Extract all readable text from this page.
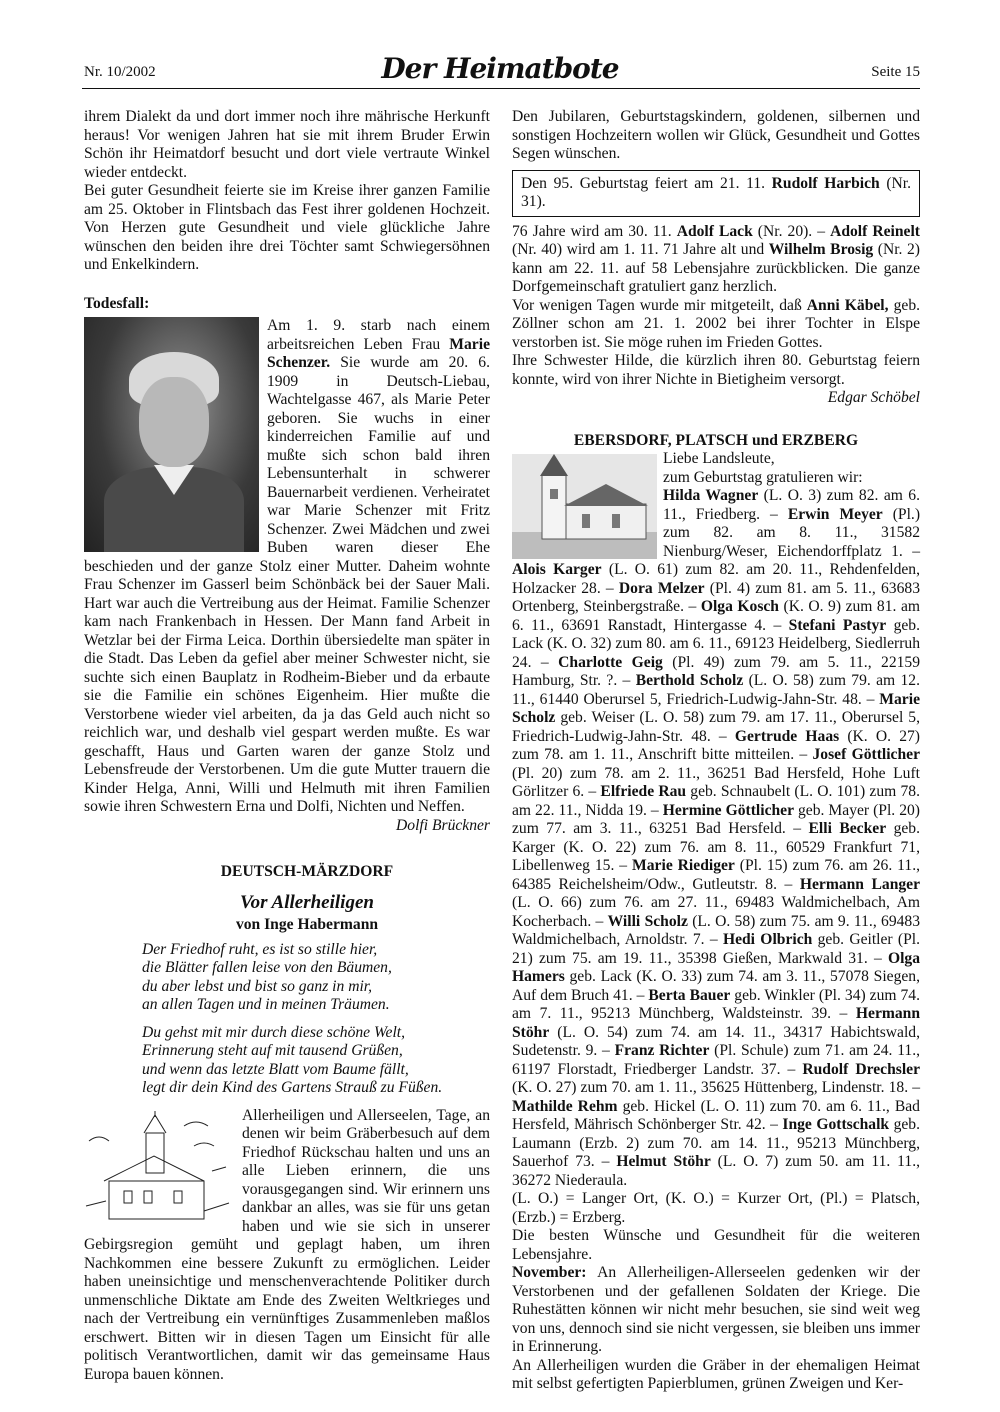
Nr. 10/2002	Der Heimatbote	Seite 15

ihrem Dialekt da und dort immer noch ihre mährische Herkunft heraus! Vor wenigen Jahren hat sie mit ihrem Bruder Erwin Schön ihr Heimatdorf besucht und dort viele vertraute Winkel wieder entdeckt.

Bei guter Gesundheit feierte sie im Kreise ihrer ganzen Familie am 25. Oktober in Flintsbach das Fest ihrer goldenen Hochzeit. Von Herzen gute Gesundheit und viele glückliche Jahre wünschen den beiden ihre drei Töchter samt Schwiegersöhnen und Enkelkindern.

Todesfall:

Am 1. 9. starb nach einem arbeitsreichen Leben Frau Marie Schenzer. Sie wurde am 20. 6. 1909 in Deutsch-Liebau, Wachtelgasse 467, als Marie Peter geboren. Sie wuchs in einer kinderreichen Familie auf und mußte sich schon bald ihren Lebensunterhalt in schwerer Bauernarbeit verdienen. Verheiratet war Marie Schenzer mit Fritz Schenzer. Zwei Mädchen und zwei Buben waren dieser Ehe beschieden und der ganze Stolz einer Mutter. Daheim wohnte Frau Schenzer im Gasserl beim Schönbäck bei der Sauer Mali. Hart war auch die Vertreibung aus der Heimat. Familie Schenzer kam nach Frankenbach in Hessen. Der Mann fand Arbeit in Wetzlar bei der Firma Leica. Dorthin übersiedelte man später in die Stadt. Das Leben da gefiel aber meiner Schwester nicht, sie suchte sich einen Bauplatz in Rodheim-Bieber und da erbaute sie die Familie ein schönes Eigenheim. Hier mußte die Verstorbene wieder viel arbeiten, da ja das Geld auch nicht so reichlich war, und deshalb viel gespart werden mußte. Es war geschafft, Haus und Garten waren der ganze Stolz und Lebensfreude der Verstorbenen. Um die gute Mutter trauern die Kinder Helga, Anni, Willi und Helmuth mit ihren Familien sowie ihren Schwestern Erna und Dolfi, Nichten und Neffen.
Dolfi Brückner

DEUTSCH-MÄRZDORF

Vor Allerheiligen

von Inge Habermann

Der Friedhof ruht, es ist so stille hier,
die Blätter fallen leise von den Bäumen,
du aber lebst und bist so ganz in mir,
an allen Tagen und in meinen Träumen.

Du gehst mit mir durch diese schöne Welt,
Erinnerung steht auf mit tausend Grüßen,
und wenn das letzte Blatt vom Baume fällt,
legt dir dein Kind des Gartens Strauß zu Füßen.

Allerheiligen und Allerseelen, Tage, an denen wir beim Gräberbesuch auf dem Friedhof Rückschau halten und uns an alle Lieben erinnern, die uns vorausgegangen sind. Wir erinnern uns dankbar an alles, was sie für uns getan haben und wie sie sich in unserer Gebirgsregion gemüht und geplagt haben, um ihren Nachkommen eine bessere Zukunft zu ermöglichen. Leider haben uneinsichtige und menschenverachtende Politiker durch unmenschliche Diktate am Ende des Zweiten Weltkrieges und nach der Vertreibung ein vernünftiges Zusammenleben maßlos erschwert. Bitten wir in diesen Tagen um Einsicht für alle politisch Verantwortlichen, damit wir das gemeinsame Haus Europa bauen können.

Den Jubilaren, Geburtstagskindern, goldenen, silbernen und sonstigen Hochzeitern wollen wir Glück, Gesundheit und Gottes Segen wünschen.

Den 95. Geburtstag feiert am 21. 11. Rudolf Harbich (Nr. 31).

76 Jahre wird am 30. 11. Adolf Lack (Nr. 20). – Adolf Reinelt (Nr. 40) wird am 1. 11. 71 Jahre alt und Wilhelm Brosig (Nr. 2) kann am 22. 11. auf 58 Lebensjahre zurückblicken. Die ganze Dorfgemeinschaft gratuliert ganz herzlich.

Vor wenigen Tagen wurde mir mitgeteilt, daß Anni Käbel, geb. Zöllner schon am 21. 1. 2002 bei ihrer Tochter in Elspe verstorben ist. Sie möge ruhen im Frieden Gottes.

Ihre Schwester Hilde, die kürzlich ihren 80. Geburtstag feiern konnte, wird von ihrer Nichte in Bietigheim versorgt.

Edgar Schöbel

EBERSDORF, PLATSCH und ERZBERG

Liebe Landsleute,
zum Geburtstag gratulieren wir:
Hilda Wagner (L. O. 3) zum 82. am 6. 11., Friedberg. – Erwin Meyer (Pl.) zum 82. am 8. 11., 31582 Nienburg/Weser, Eichendorffplatz 1. – Alois Karger (L. O. 61) zum 82. am 20. 11., Rehdenfelden, Holzacker 28. – Dora Melzer (Pl. 4) zum 81. am 5. 11., 63683 Ortenberg, Steinbergstraße. – Olga Kosch (K. O. 9) zum 81. am 6. 11., 63691 Ranstadt, Hintergasse 4. – Stefani Pastyr geb. Lack (K. O. 32) zum 80. am 6. 11., 69123 Heidelberg, Siedlerruh 24. – Charlotte Geig (Pl. 49) zum 79. am 5. 11., 22159 Hamburg, Str. ?. – Berthold Scholz (L. O. 58) zum 79. am 12. 11., 61440 Oberursel 5, Friedrich-Ludwig-Jahn-Str. 48. – Marie Scholz geb. Weiser (L. O. 58) zum 79. am 17. 11., Oberursel 5, Friedrich-Ludwig-Jahn-Str. 48. – Gertrude Haas (K. O. 27) zum 78. am 1. 11., Anschrift bitte mitteilen. – Josef Göttlicher (Pl. 20) zum 78. am 2. 11., 36251 Bad Hersfeld, Hohe Luft Görlitzer 6. – Elfriede Rau geb. Schnaubelt (L. O. 101) zum 78. am 22. 11., Nidda 19. – Hermine Göttlicher geb. Mayer (Pl. 20) zum 77. am 3. 11., 63251 Bad Hersfeld. – Elli Becker geb. Karger (K. O. 22) zum 76. am 8. 11., 60529 Frankfurt 71, Libellenweg 15. – Marie Riediger (Pl. 15) zum 76. am 26. 11., 64385 Reichelsheim/Odw., Gutleutstr. 8. – Hermann Langer (L. O. 66) zum 76. am 27. 11., 69483 Waldmichelbach, Am Kocherbach. – Willi Scholz (L. O. 58) zum 75. am 9. 11., 69483 Waldmichelbach, Arnoldstr. 7. – Hedi Olbrich geb. Geitler (Pl. 21) zum 75. am 19. 11., 35398 Gießen, Markwald 31. – Olga Hamers geb. Lack (K. O. 33) zum 74. am 3. 11., 57078 Siegen, Auf dem Bruch 41. – Berta Bauer geb. Winkler (Pl. 34) zum 74. am 7. 11., 95213 Münchberg, Waldsteinstr. 39. – Hermann Stöhr (L. O. 54) zum 74. am 14. 11., 34317 Habichtswald, Sudetenstr. 9. – Franz Richter (Pl. Schule) zum 71. am 24. 11., 61197 Florstadt, Friedberger Landstr. 37. – Rudolf Drechsler (K. O. 27) zum 70. am 1. 11., 35625 Hüttenberg, Lindenstr. 18. – Mathilde Rehm geb. Hickel (L. O. 11) zum 70. am 6. 11., Bad Hersfeld, Mährisch Schönberger Str. 42. – Inge Gottschalk geb. Laumann (Erzb. 2) zum 70. am 14. 11., 95213 Münchberg, Sauerhof 73. – Helmut Stöhr (L. O. 7) zum 50. am 11. 11., 36272 Niederaula.

(L. O.) = Langer Ort, (K. O.) = Kurzer Ort, (Pl.) = Platsch, (Erzb.) = Erzberg.

Die besten Wünsche und Gesundheit für die weiteren Lebensjahre.

November: An Allerheiligen-Allerseelen gedenken wir der Verstorbenen und der gefallenen Soldaten der Kriege. Die Ruhestätten können wir nicht mehr besuchen, sie sind weit weg von uns, dennoch sind sie nicht vergessen, sie bleiben uns immer in Erinnerung.

An Allerheiligen wurden die Gräber in der ehemaligen Heimat mit selbst gefertigten Papierblumen, grünen Zweigen und Ker-
